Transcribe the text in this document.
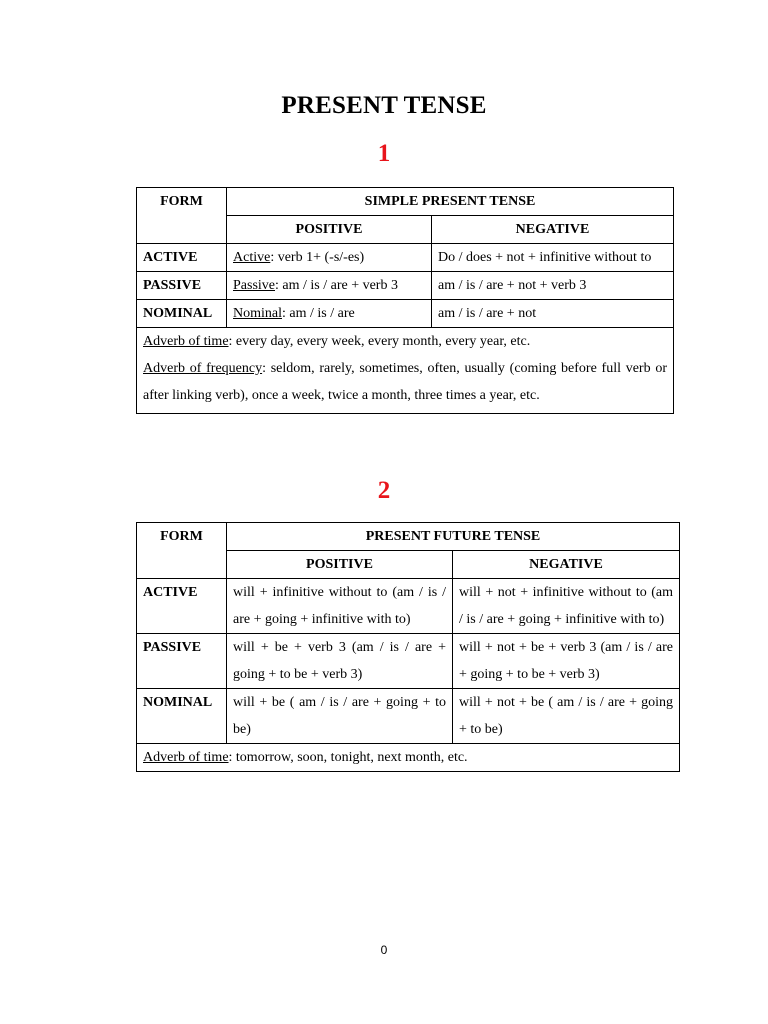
PRESENT TENSE
1
FORM	SIMPLE PRESENT TENSE	
	POSITIVE	NEGATIVE
ACTIVE	Active: verb 1+ (-s/-es)	Do / does + not + infinitive without to
PASSIVE	Passive: am / is / are + verb 3	am / is / are + not + verb 3
NOMINAL	Nominal: am / is / are	am / is / are + not

Adverb of time: every day, every week, every month, every year, etc.
Adverb of frequency: seldom, rarely, sometimes, often, usually (coming before full verb or after linking verb), once a week, twice a month, three times a year, etc.		
2
FORM	PRESENT FUTURE TENSE	
	POSITIVE	NEGATIVE
ACTIVE	will + infinitive without to (am / is / are + going + infinitive with to)	will + not + infinitive without to (am / is / are + going + infinitive with to)
PASSIVE	will + be + verb 3 (am / is / are + going + to be + verb 3)	will + not + be + verb 3 (am / is / are + going + to be + verb 3)
NOMINAL	will + be ( am / is / are + going + to be)	will + not + be ( am / is / are + going + to be)
Adverb of time: tomorrow, soon, tonight, next month, etc.		
0
